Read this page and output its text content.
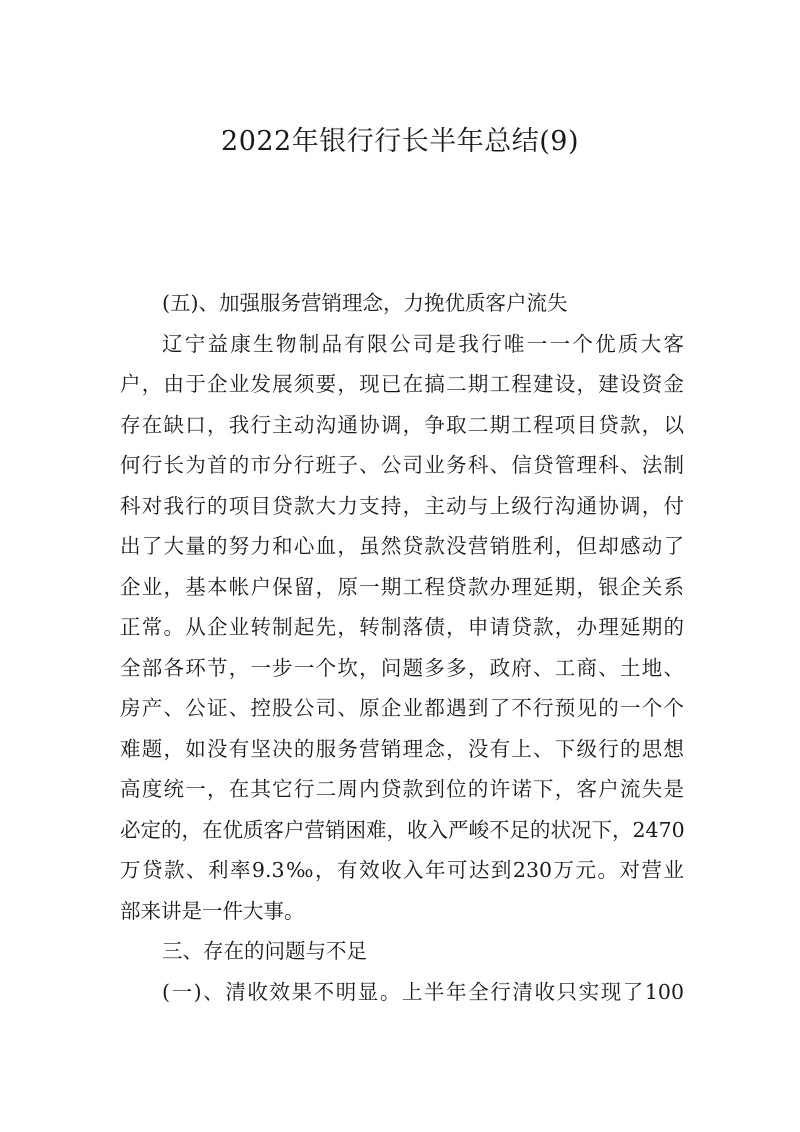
2022年银行行长半年总结(9)
(五)、加强服务营销理念，力挽优质客户流失
辽宁益康生物制品有限公司是我行唯一一个优质大客
户，由于企业发展须要，现已在搞二期工程建设，建设资金
存在缺口，我行主动沟通协调，争取二期工程项目贷款，以
何行长为首的市分行班子、公司业务科、信贷管理科、法制
科对我行的项目贷款大力支持，主动与上级行沟通协调，付
出了大量的努力和心血，虽然贷款没营销胜利，但却感动了
企业，基本帐户保留，原一期工程贷款办理延期，银企关系
正常。从企业转制起先，转制落债，申请贷款，办理延期的
全部各环节，一步一个坎，问题多多，政府、工商、土地、
房产、公证、控股公司、原企业都遇到了不行预见的一个个
难题，如没有坚决的服务营销理念，没有上、下级行的思想
高度统一，在其它行二周内贷款到位的许诺下，客户流失是
必定的，在优质客户营销困难，收入严峻不足的状况下，2470
万贷款、利率9.3‰，有效收入年可达到230万元。对营业
部来讲是一件大事。
三、存在的问题与不足
(一)、清收效果不明显。上半年全行清收只实现了100
